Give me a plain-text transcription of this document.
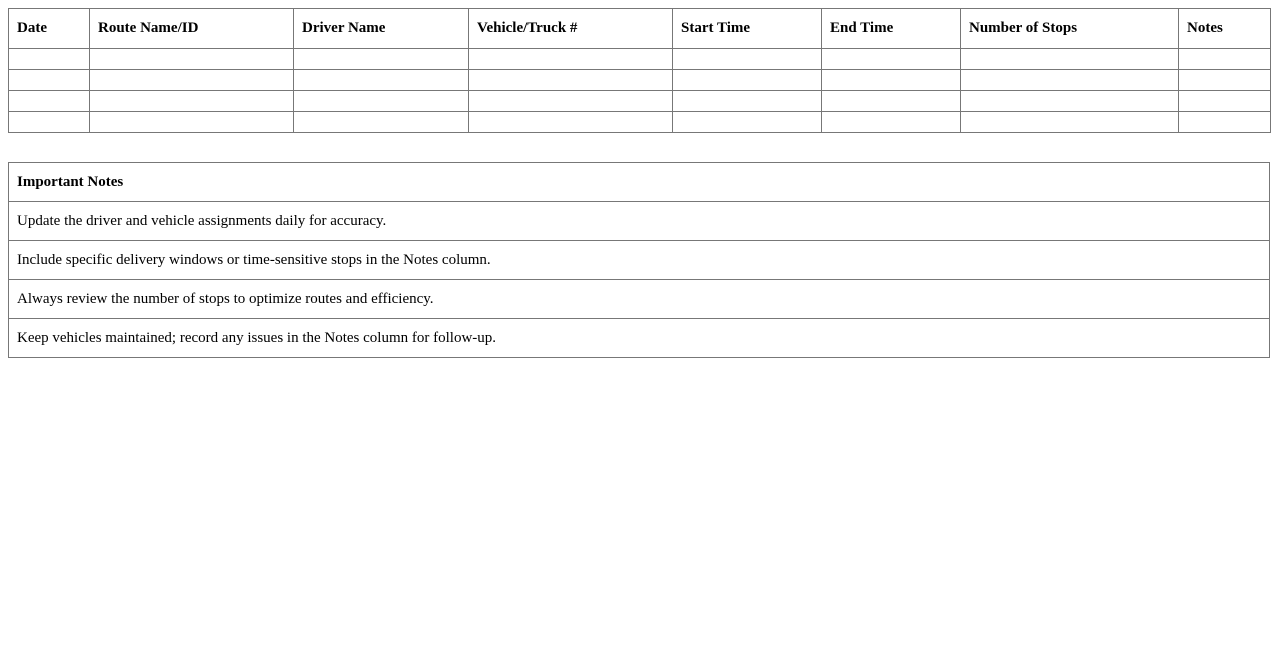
Date	Route Name/ID	Driver Name	Vehicle/Truck #	Start Time	End Time	Number of Stops	Notes

Important Notes
Update the driver and vehicle assignments daily for accuracy.
Include specific delivery windows or time-sensitive stops in the Notes column.
Always review the number of stops to optimize routes and efficiency.
Keep vehicles maintained; record any issues in the Notes column for follow-up.
